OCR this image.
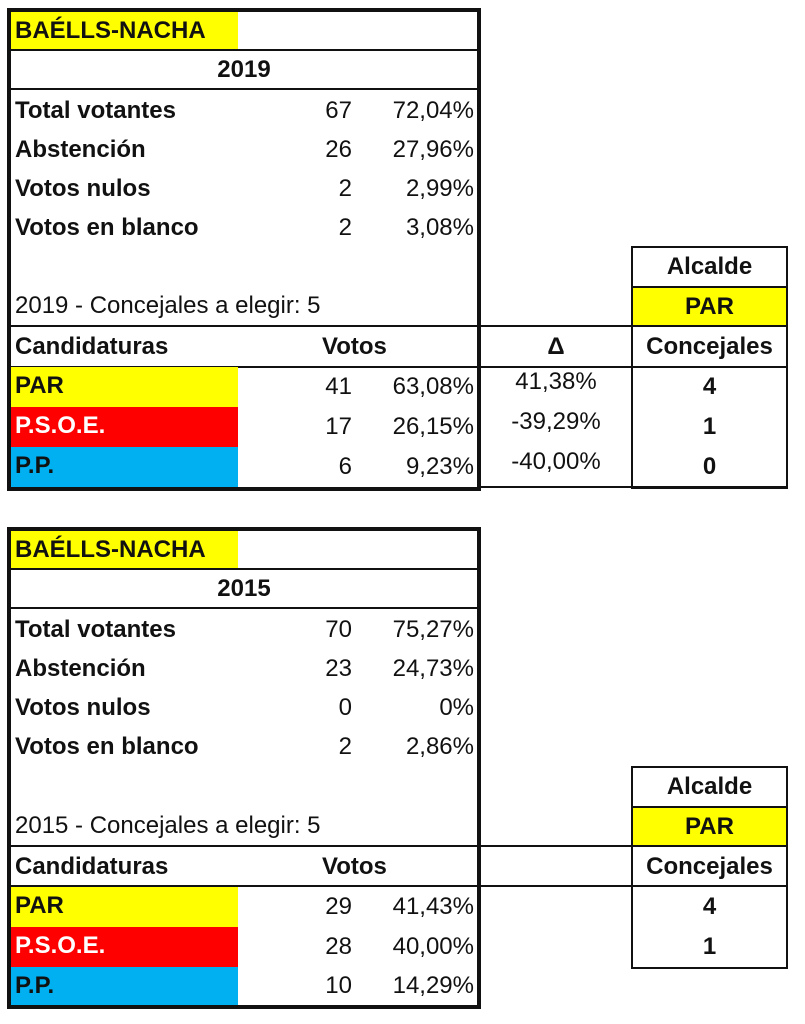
BAÉLLS-NACHA
2019
Total votantes	67	72,04%
Abstención	26	27,96%
Votos nulos	2	2,99%
Votos en blanco	2	3,08%
2019 - Concejales a elegir: 5
Alcalde
PAR
Candidaturas	Votos	Δ	Concejales
PAR	41	63,08%	41,38%	4
P.S.O.E.	17	26,15%	-39,29%	1
P.P.	6	9,23%	-40,00%	0
BAÉLLS-NACHA
2015
Total votantes	70	75,27%
Abstención	23	24,73%
Votos nulos	0	0%
Votos en blanco	2	2,86%
2015 - Concejales a elegir: 5
Alcalde
PAR
Candidaturas	Votos	Concejales
PAR	29	41,43%	4
P.S.O.E.	28	40,00%	1
P.P.	10	14,29%
